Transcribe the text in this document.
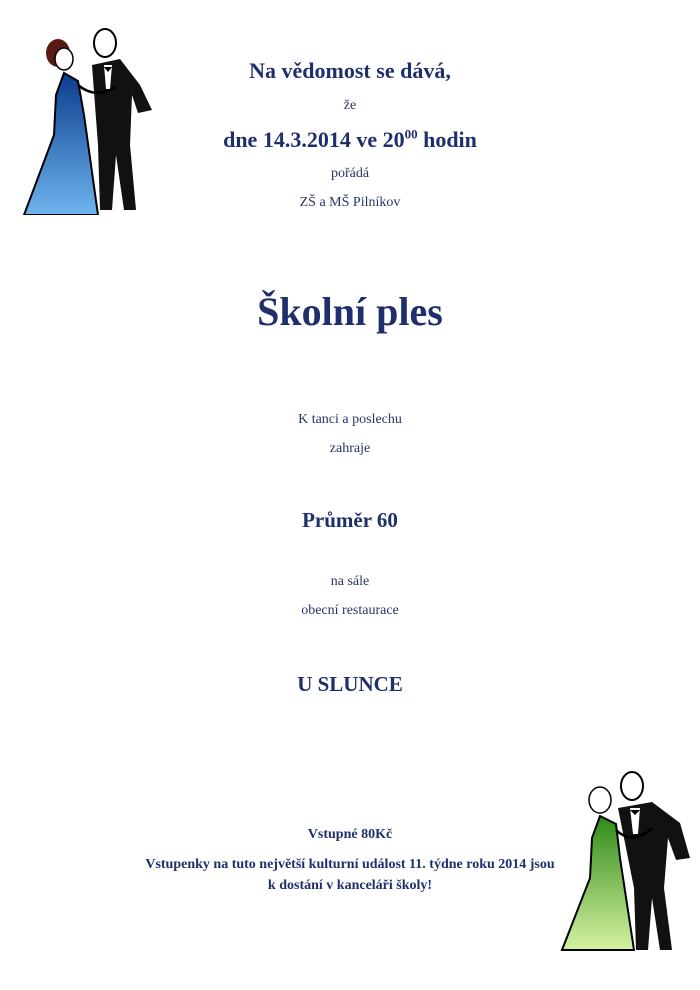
Na vědomost se dává,
že
dne 14.3.2014 ve $20^{00}$ hodin
pořádá
ZŠ a MŠ Pilníkov
Školní ples
K tanci a poslechu
zahraje
Průměr 60
na sále
obecní restaurace
U SLUNCE
Vstupné 80Kč
Vstupenky na tuto největší kulturní událost 11. týdne roku 2014 jsou
k dostání v kanceláři školy!
